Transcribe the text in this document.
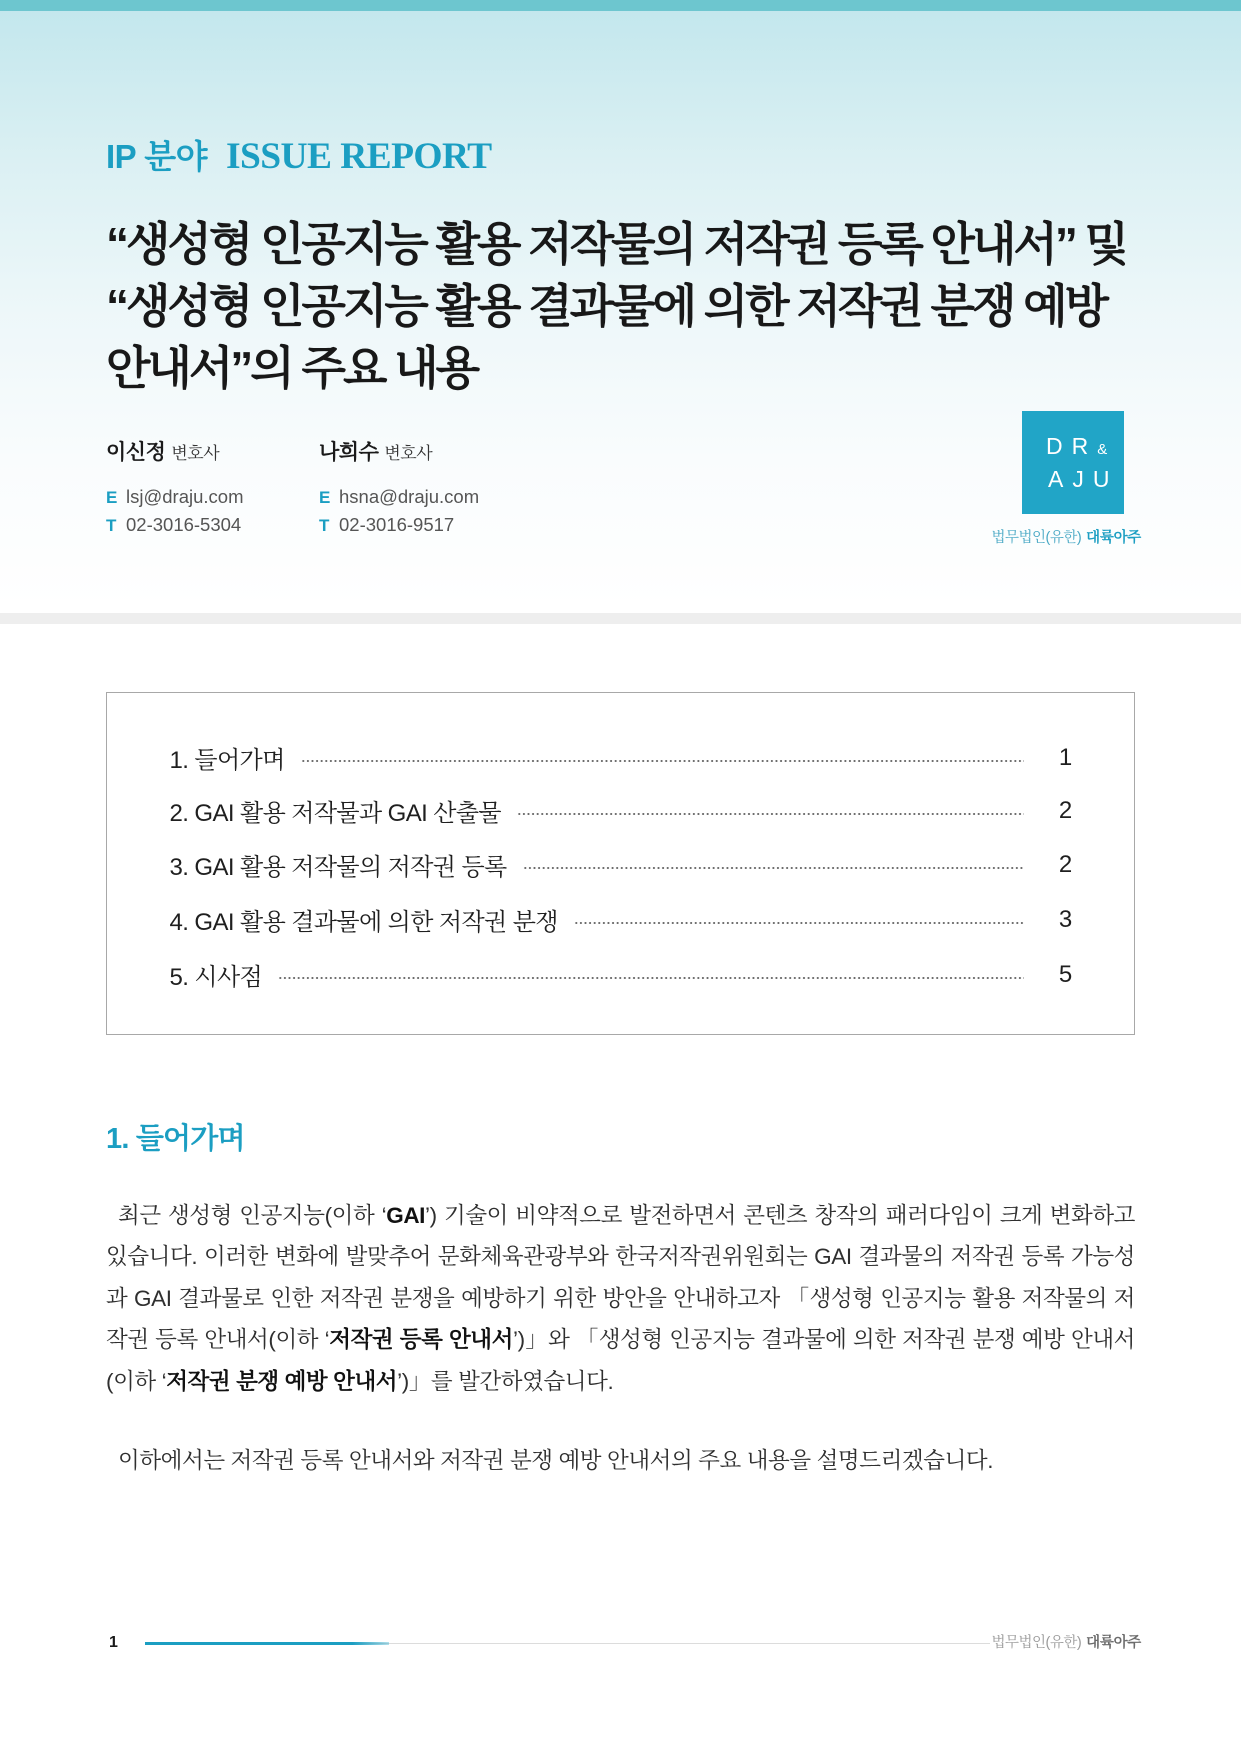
IP 분야 ISSUE REPORT
“생성형 인공지능 활용 저작물의 저작권 등록 안내서” 및
“생성형 인공지능 활용 결과물에 의한 저작권 분쟁 예방
안내서”의 주요 내용
이신정 변호사
E lsj@draju.com
T 02-3016-5304
나희수 변호사
E hsna@draju.com
T 02-3016-9517
DR&
AJU
법무법인(유한) 대륙아주
1. 들어가며	1
2. GAI 활용 저작물과 GAI 산출물	2
3. GAI 활용 저작물의 저작권 등록	2
4. GAI 활용 결과물에 의한 저작권 분쟁	3
5. 시사점	5
1. 들어가며

최근 생성형 인공지능(이하 ‘GAI’) 기술이 비약적으로 발전하면서 콘텐츠 창작의 패러다임이 크게 변화하고 있습니다. 이러한 변화에 발맞추어 문화체육관광부와 한국저작권위원회는 GAI 결과물의 저작권 등록 가능성과 GAI 결과물로 인한 저작권 분쟁을 예방하기 위한 방안을 안내하고자 「생성형 인공지능 활용 저작물의 저작권 등록 안내서(이하 ‘저작권 등록 안내서’)」와 「생성형 인공지능 결과물에 의한 저작권 분쟁 예방 안내서(이하 ‘저작권 분쟁 예방 안내서’)」를 발간하였습니다.

이하에서는 저작권 등록 안내서와 저작권 분쟁 예방 안내서의 주요 내용을 설명드리겠습니다.

1	법무법인(유한) 대륙아주
